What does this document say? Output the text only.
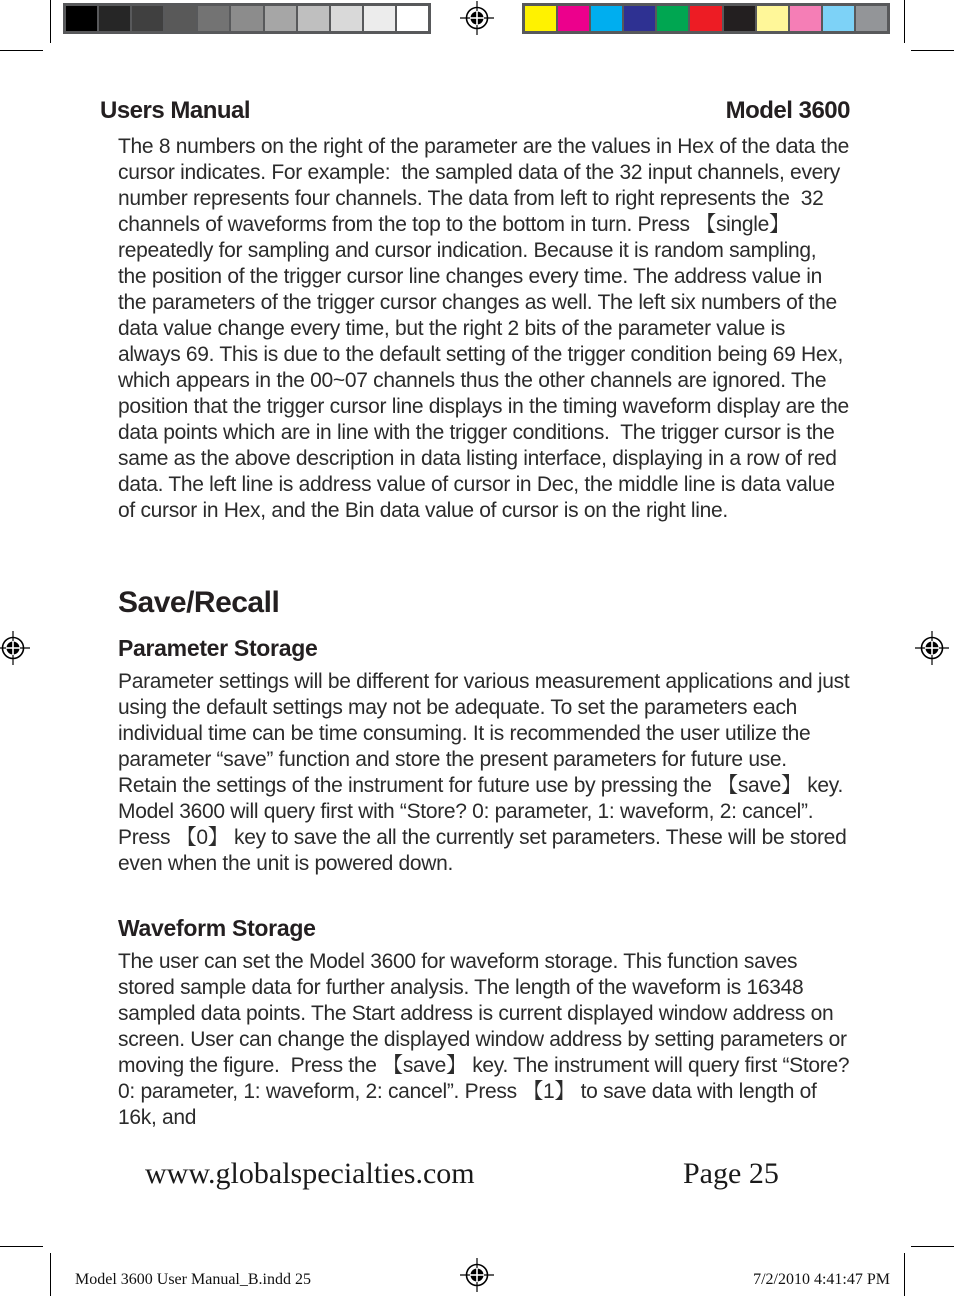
Users Manual	Model 3600
The 8 numbers on the right of the parameter are the values in Hex of the data the cursor indicates. For example:  the sampled data of the 32 input channels, every number represents four channels. The data from left to right represents the  32 channels of waveforms from the top to the bottom in turn. Press 【single】 repeatedly for sampling and cursor indication. Because it is random sampling, the position of the trigger cursor line changes every time. The address value in the parameters of the trigger cursor changes as well. The left six numbers of the data value change every time, but the right 2 bits of the parameter value is always 69. This is due to the default setting of the trigger condition being 69 Hex, which appears in the 00~07 channels thus the other channels are ignored. The position that the trigger cursor line displays in the timing waveform display are the data points which are in line with the trigger conditions.  The trigger cursor is the same as the above description in data listing interface, displaying in a row of red data. The left line is address value of cursor in Dec, the middle line is data value of cursor in Hex, and the Bin data value of cursor is on the right line.
Save/Recall
Parameter Storage
Parameter settings will be different for various measurement applications and just using the default settings may not be adequate. To set the parameters each individual time can be time consuming. It is recommended the user utilize the parameter “save” function and store the present parameters for future use. Retain the settings of the instrument for future use by pressing the 【save】 key.  Model 3600 will query first with “Store? 0: parameter, 1: waveform, 2: cancel”.  Press 【0】 key to save the all the currently set parameters. These will be stored even when the unit is powered down.
Waveform Storage
The user can set the Model 3600 for waveform storage. This function saves stored sample data for further analysis. The length of the waveform is 16348 sampled data points. The Start address is current displayed window address on screen. User can change the displayed window address by setting parameters or moving the figure.  Press the 【save】 key. The instrument will query first “Store? 0: parameter, 1: waveform, 2: cancel”. Press 【1】 to save data with length of 16k, and
www.globalspecialties.com	Page 25
Model 3600 User Manual_B.indd 25	7/2/2010 4:41:47 PM
